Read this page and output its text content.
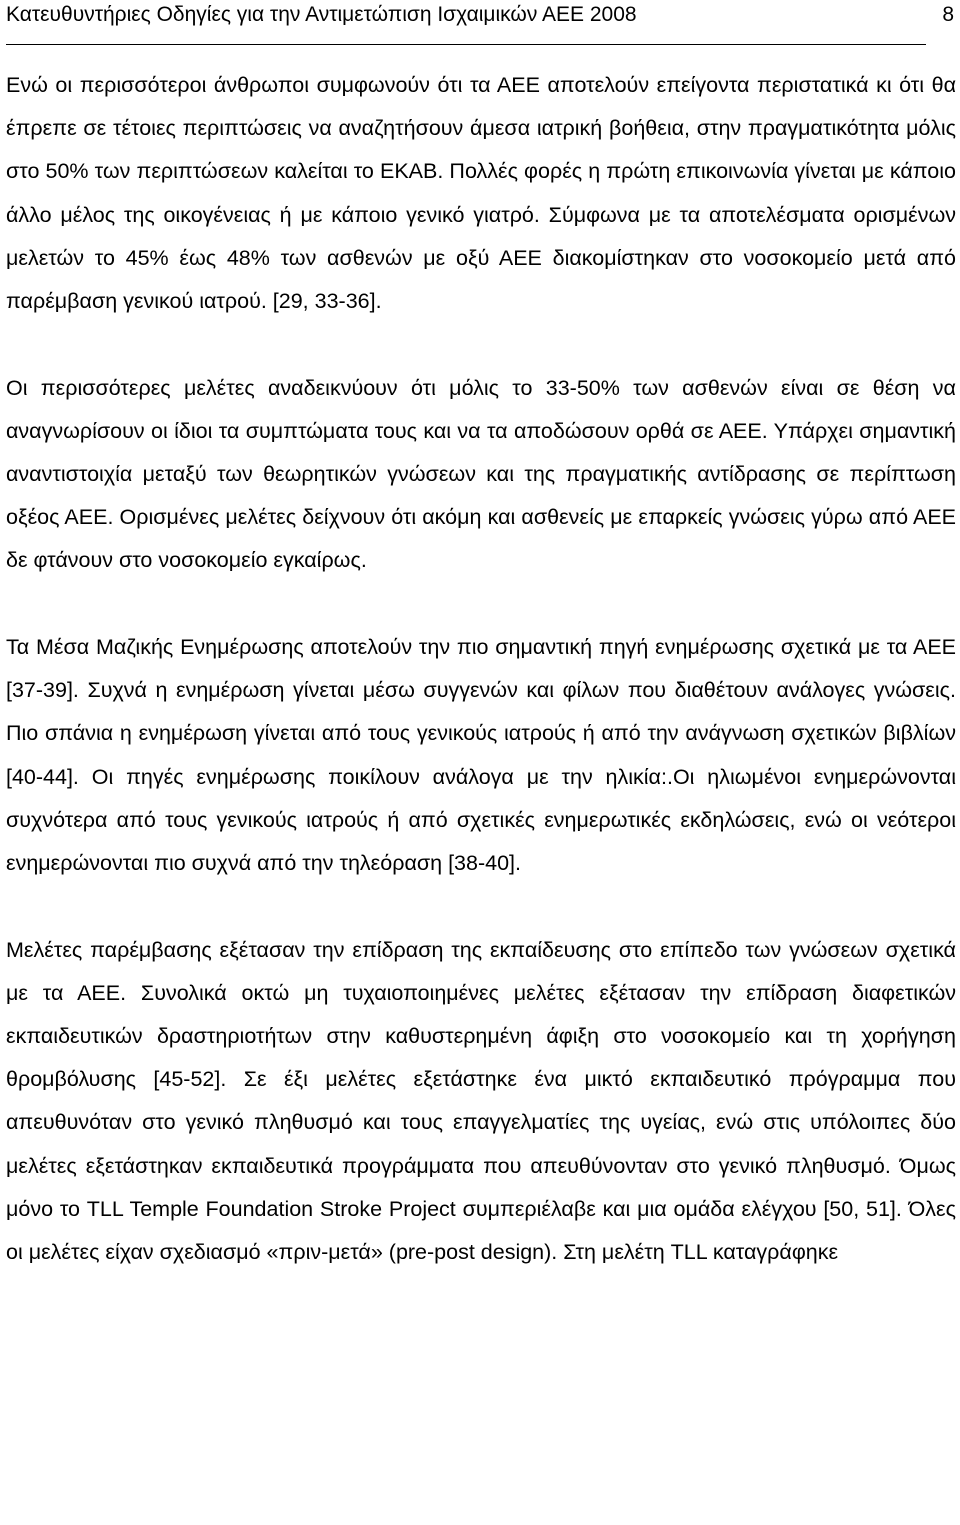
Κατευθυντήριες Οδηγίες για την Αντιμετώπιση Ισχαιμικών ΑΕΕ 2008	8

Ενώ οι περισσότεροι άνθρωποι συμφωνούν ότι τα ΑΕΕ αποτελούν επείγοντα περιστατικά κι ότι θα έπρεπε σε τέτοιες περιπτώσεις να αναζητήσουν άμεσα ιατρική βοήθεια, στην πραγματικότητα μόλις στο 50% των περιπτώσεων καλείται το ΕΚΑΒ. Πολλές φορές η πρώτη επικοινωνία γίνεται με κάποιο άλλο μέλος της οικογένειας ή με κάποιο γενικό γιατρό. Σύμφωνα με τα αποτελέσματα ορισμένων μελετών το 45% έως 48% των ασθενών με οξύ ΑΕΕ διακομίστηκαν στο νοσοκομείο μετά από παρέμβαση γενικού ιατρού. [29, 33-36].

Οι περισσότερες μελέτες αναδεικνύουν ότι μόλις το 33-50% των ασθενών είναι σε θέση να αναγνωρίσουν οι ίδιοι τα συμπτώματα τους και να τα αποδώσουν ορθά σε ΑΕΕ. Υπάρχει σημαντική αναντιστοιχία μεταξύ των θεωρητικών γνώσεων και της πραγματικής αντίδρασης σε περίπτωση οξέος ΑΕΕ. Ορισμένες μελέτες δείχνουν ότι ακόμη και ασθενείς με επαρκείς γνώσεις γύρω από ΑΕΕ δε φτάνουν στο νοσοκομείο εγκαίρως.

Τα Μέσα Μαζικής Ενημέρωσης αποτελούν την πιο σημαντική πηγή ενημέρωσης σχετικά με τα ΑΕΕ [37-39]. Συχνά η ενημέρωση γίνεται μέσω συγγενών και φίλων που διαθέτουν ανάλογες γνώσεις. Πιο σπάνια η ενημέρωση γίνεται από τους γενικούς ιατρούς ή από την ανάγνωση σχετικών βιβλίων [40-44]. Οι πηγές ενημέρωσης ποικίλουν ανάλογα με την ηλικία:.Οι ηλιωμένοι ενημερώνονται συχνότερα από τους γενικούς ιατρούς ή από σχετικές ενημερωτικές εκδηλώσεις, ενώ οι νεότεροι ενημερώνονται πιο συχνά από την τηλεόραση [38-40].

Μελέτες παρέμβασης εξέτασαν την επίδραση της εκπαίδευσης στο επίπεδο των γνώσεων σχετικά με τα ΑΕΕ. Συνολικά οκτώ μη τυχαιοποιημένες μελέτες εξέτασαν την επίδραση διαφετικών εκπαιδευτικών δραστηριοτήτων στην καθυστερημένη άφιξη στο νοσοκομείο και τη χορήγηση θρομβόλυσης [45-52]. Σε έξι μελέτες εξετάστηκε ένα μικτό εκπαιδευτικό πρόγραμμα που απευθυνόταν στο γενικό πληθυσμό και τους επαγγελματίες της υγείας, ενώ στις υπόλοιπες δύο μελέτες εξετάστηκαν εκπαιδευτικά προγράμματα που απευθύνονταν στο γενικό πληθυσμό. Όμως μόνο το TLL Temple Foundation Stroke Project συμπεριέλαβε και μια ομάδα ελέγχου [50, 51]. Όλες οι μελέτες είχαν σχεδιασμό «πριν-μετά» (pre-post design). Στη μελέτη TLL καταγράφηκε
